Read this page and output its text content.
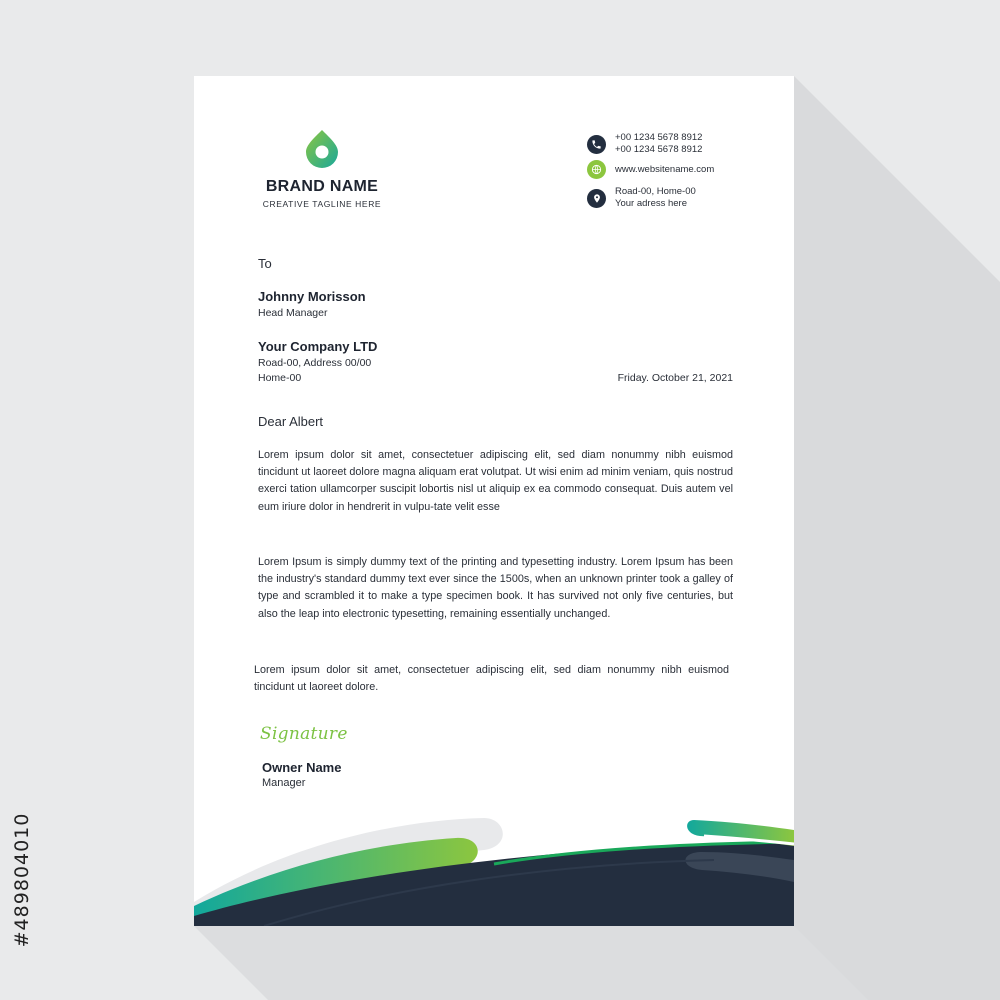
#489804010
BRAND NAME
CREATIVE TAGLINE HERE
+00 1234 5678 8912
+00 1234 5678 8912
www.websitename.com
Road-00, Home-00
Your adress here
To
Johnny Morisson
Head Manager
Your Company LTD
Road-00, Address 00/00
Home-00	Friday. October 21, 2021
Dear Albert
Lorem ipsum dolor sit amet, consectetuer adipiscing elit, sed diam nonummy nibh euismod tincidunt ut laoreet dolore magna aliquam erat volutpat. Ut wisi enim ad minim veniam, quis nostrud exerci tation ullamcorper suscipit lobortis nisl ut aliquip ex ea commodo consequat. Duis autem vel eum iriure dolor in hendrerit in vulpu-tate velit esse
Lorem Ipsum is simply dummy text of the printing and typesetting industry. Lorem Ipsum has been the industry's standard dummy text ever since the 1500s, when an unknown printer took a galley of type and scrambled it to make a type specimen book. It has survived not only five centuries, but also the leap into electronic typesetting, remaining essentially unchanged.
Lorem ipsum dolor sit amet, consectetuer adipiscing elit, sed diam nonummy nibh euismod tincidunt ut laoreet dolore.
Signature
Owner Name
Manager
